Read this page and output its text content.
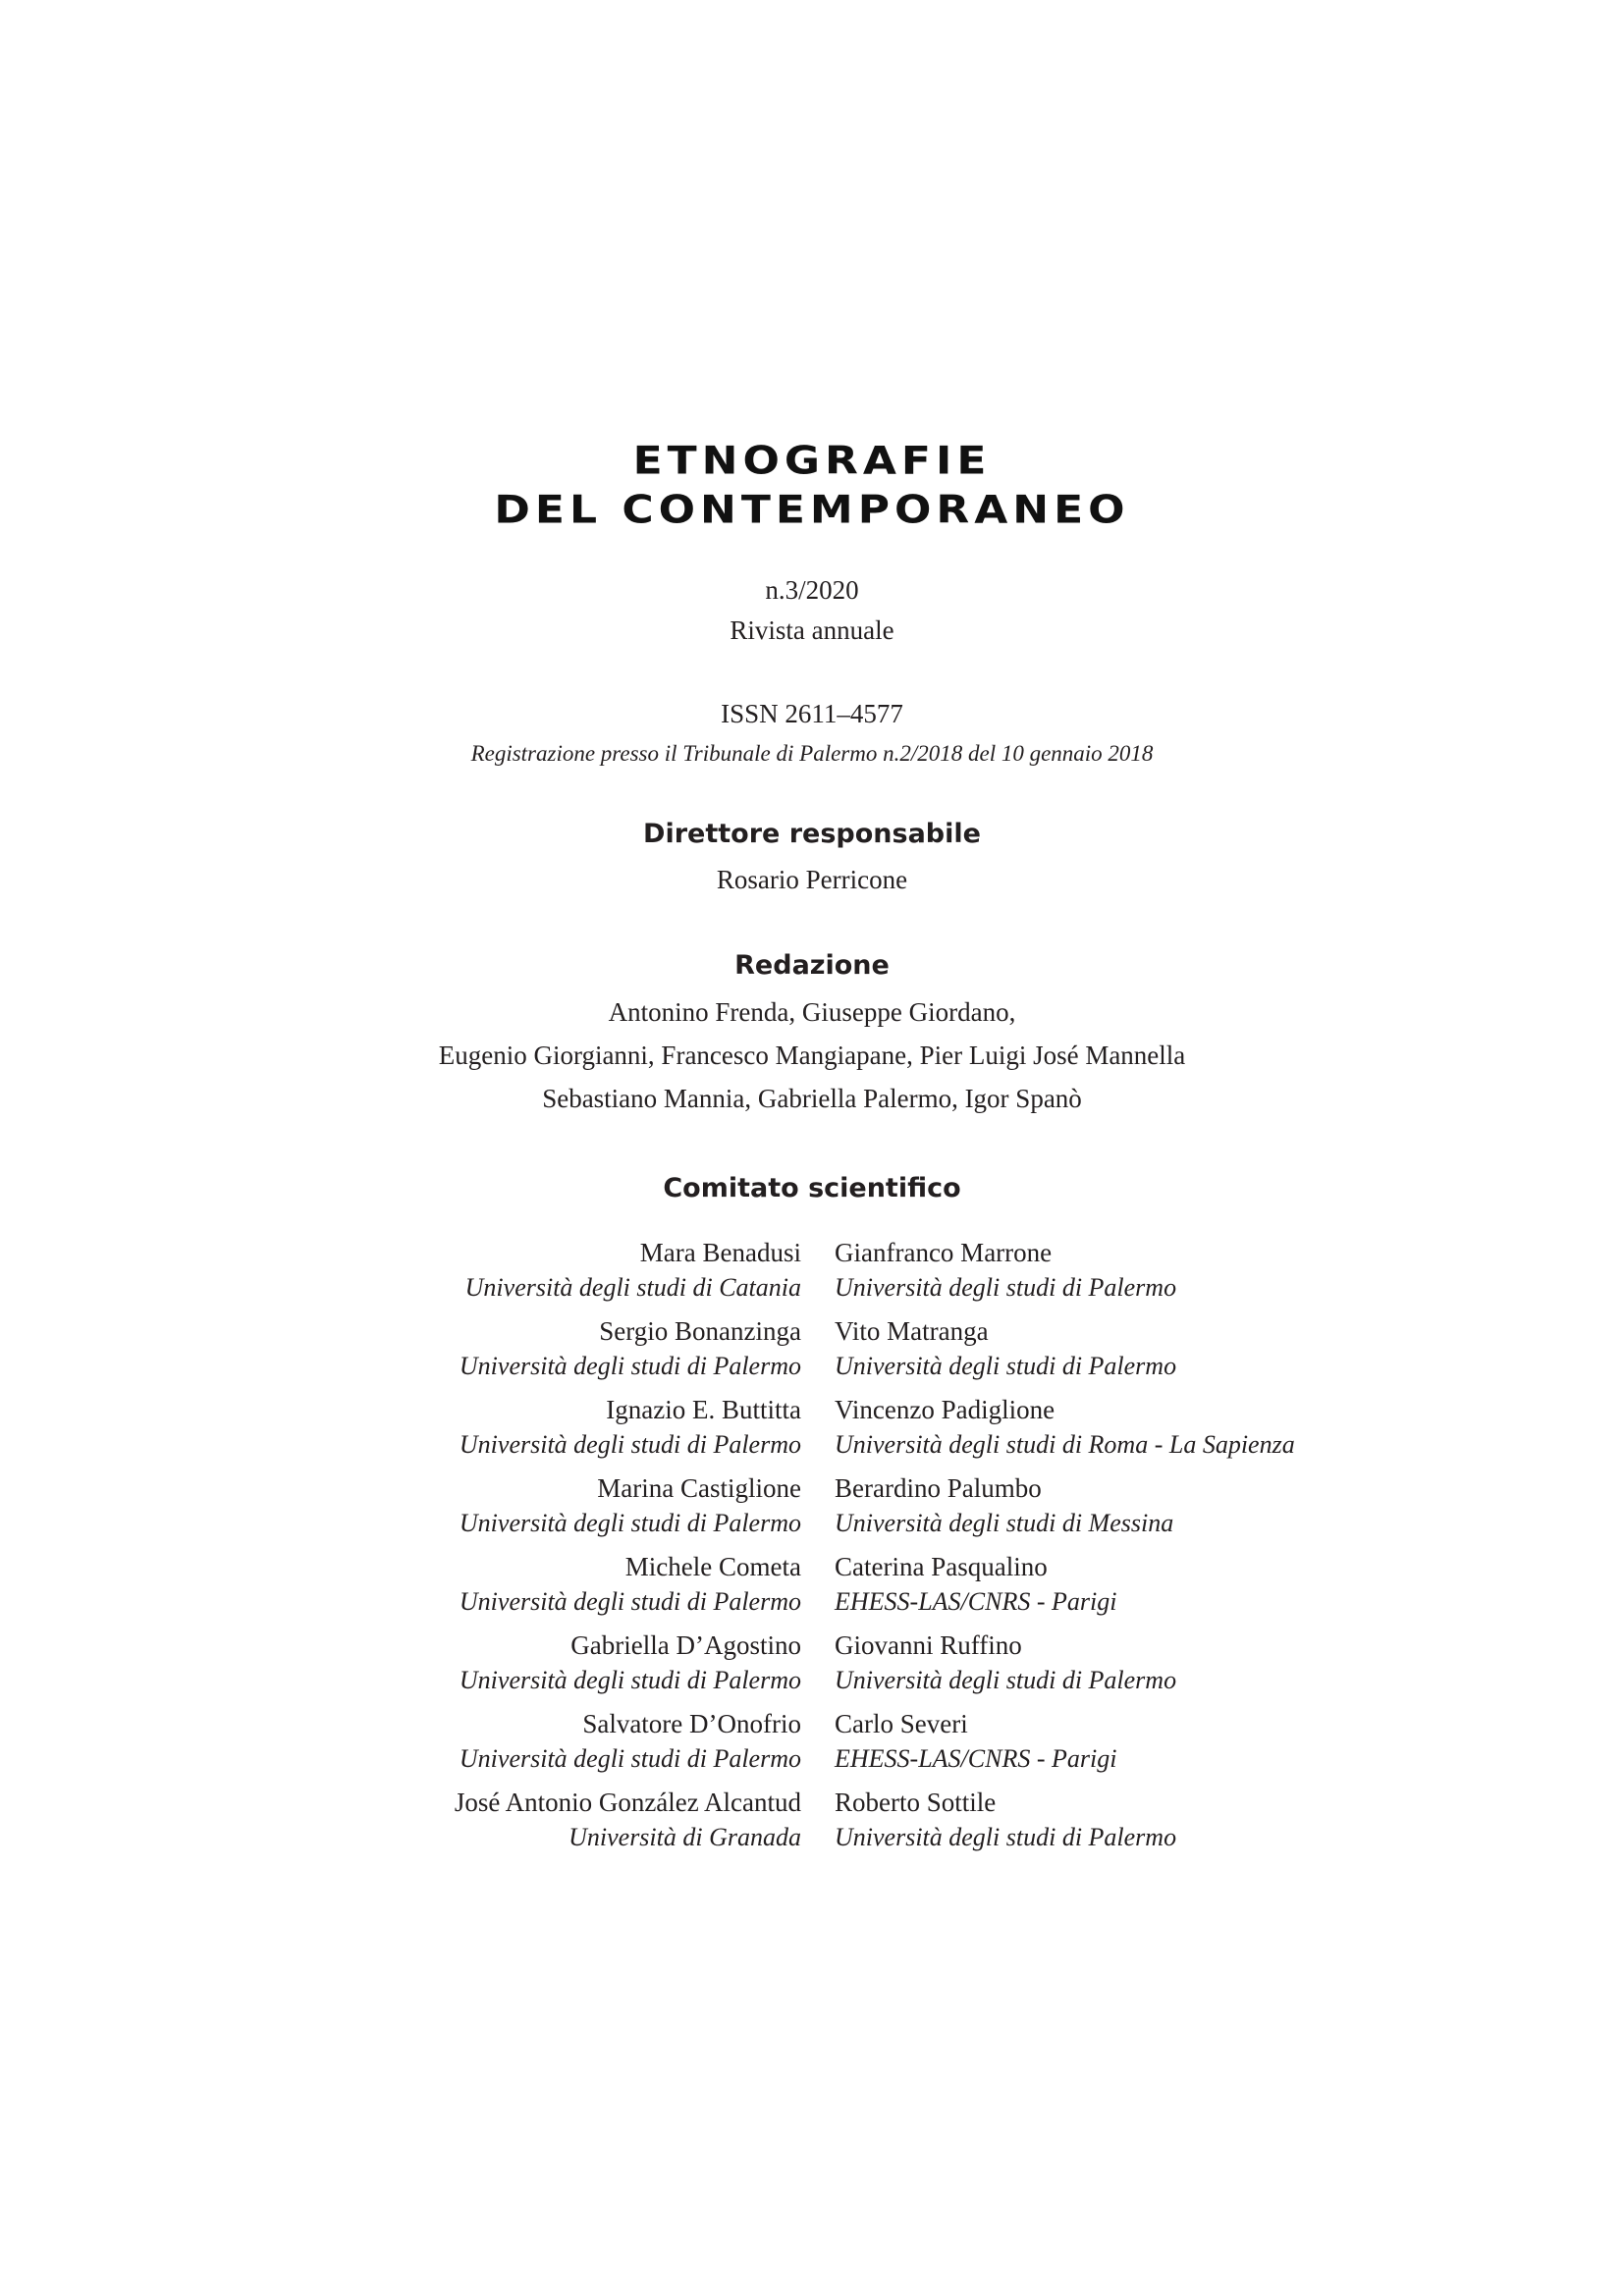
ETNOGRAFIE
DEL CONTEMPORANEO
n.3/2020
Rivista annuale
ISSN 2611–4577
Registrazione presso il Tribunale di Palermo n.2/2018 del 10 gennaio 2018
Direttore responsabile
Rosario Perricone
Redazione
Antonino Frenda, Giuseppe Giordano,
Eugenio Giorgianni, Francesco Mangiapane, Pier Luigi José Mannella
Sebastiano Mannia, Gabriella Palermo, Igor Spanò
Comitato scientifico
Mara Benadusi
Università degli studi di Catania
Sergio Bonanzinga
Università degli studi di Palermo
Ignazio E. Buttitta
Università degli studi di Palermo
Marina Castiglione
Università degli studi di Palermo
Michele Cometa
Università degli studi di Palermo
Gabriella D’Agostino
Università degli studi di Palermo
Salvatore D’Onofrio
Università degli studi di Palermo
José Antonio González Alcantud
Università di Granada
Gianfranco Marrone
Università degli studi di Palermo
Vito Matranga
Università degli studi di Palermo
Vincenzo Padiglione
Università degli studi di Roma - La Sapienza
Berardino Palumbo
Università degli studi di Messina
Caterina Pasqualino
EHESS-LAS/CNRS - Parigi
Giovanni Ruffino
Università degli studi di Palermo
Carlo Severi
EHESS-LAS/CNRS - Parigi
Roberto Sottile
Università degli studi di Palermo
